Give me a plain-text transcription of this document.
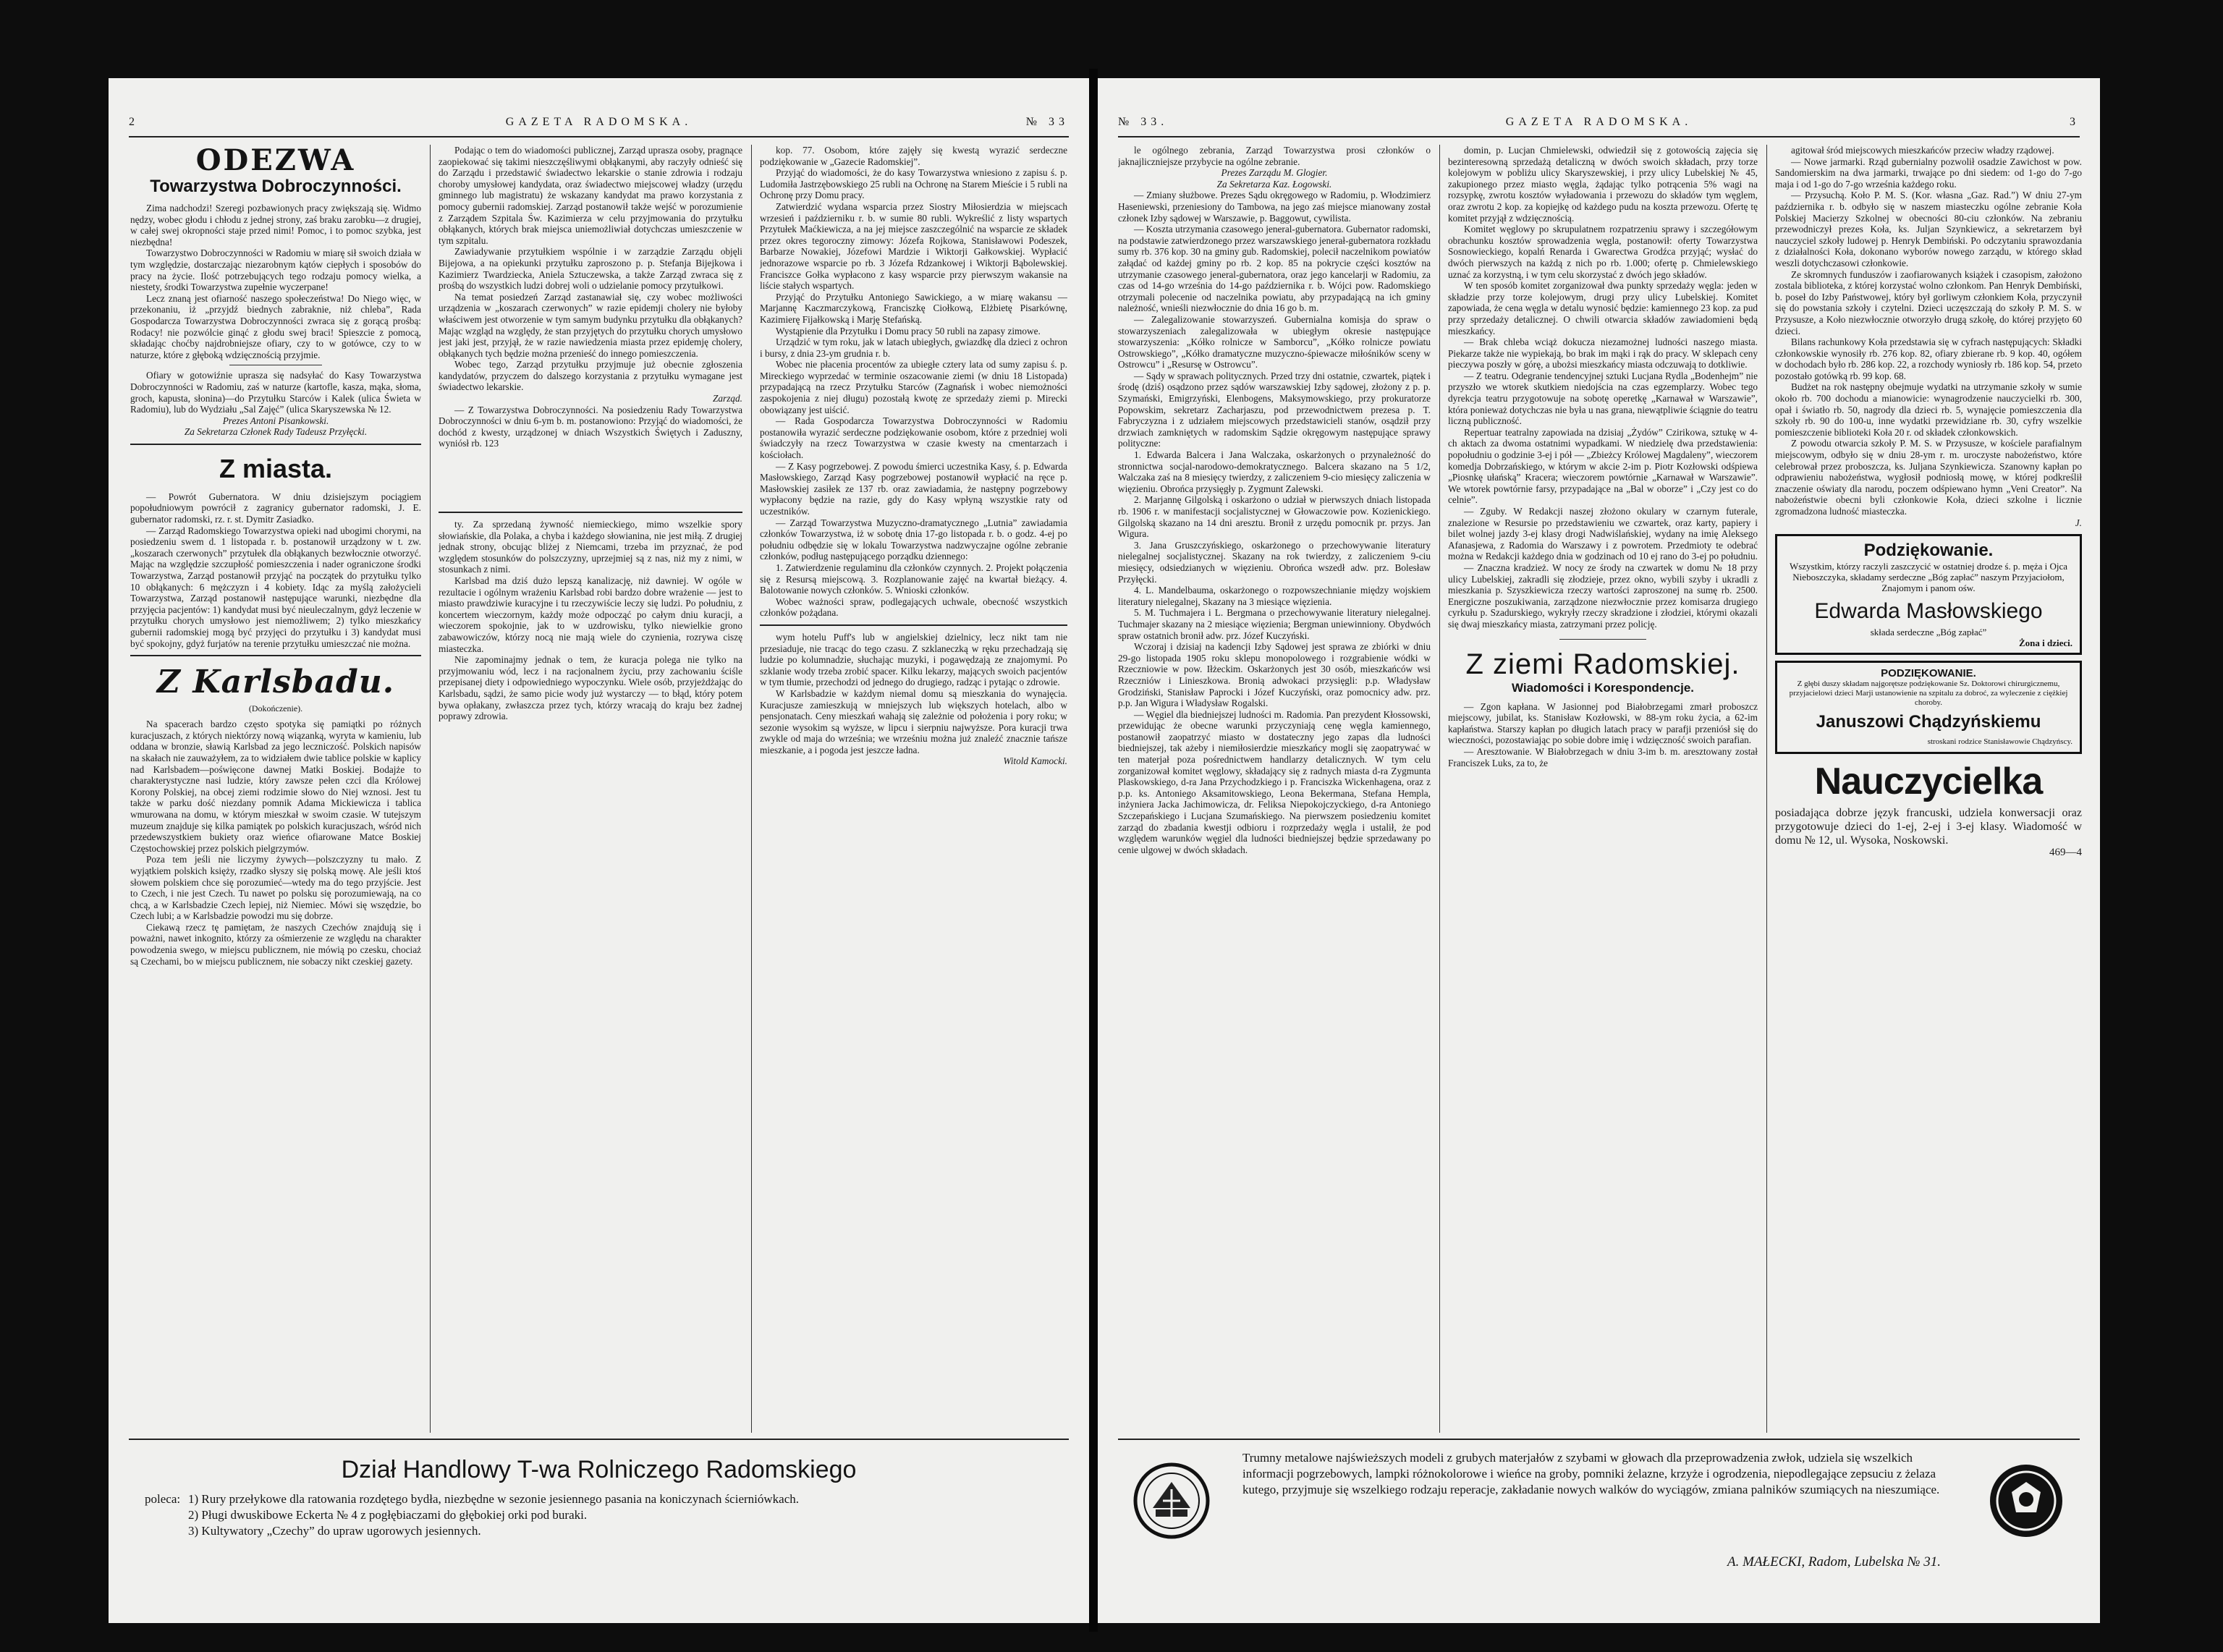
2	GAZETA RADOMSKA.	№ 33
ODEZWA
Towarzystwa Dobroczynności.

Zima nadchodzi! Szeregi pozbawionych pracy zwiększają się. Widmo nędzy, wobec głodu i chłodu z jednej strony, zaś braku zarobku—z drugiej, w całej swej okropności staje przed nimi! Pomoc, i to pomoc szybka, jest niezbędna!

Towarzystwo Dobroczynności w Radomiu w miarę sił swoich działa w tym względzie, dostarczając niezarobnym kątów ciepłych i sposobów do pracy na życie. Ilość potrzebujących tego rodzaju pomocy wielka, a niestety, środki Towarzystwa zupełnie wyczerpane!

Lecz znaną jest ofiarność naszego społeczeństwa! Do Niego więc, w przekonaniu, iż „przyjdź biednych zabraknie, niż chleba”, Rada Gospodarcza Towarzystwa Dobroczynności zwraca się z gorącą prośbą: Rodacy! nie pozwólcie ginąć z głodu swej braci! Spieszcie z pomocą, składając choćby najdrobniejsze ofiary, czy to w gotówce, czy to w naturze, które z głęboką wdzięcznością przyjmie.

Ofiary w gotowiźnie uprasza się nadsyłać do Kasy Towarzystwa Dobroczynności w Radomiu, zaś w naturze (kartofle, kasza, mąka, słoma, groch, kapusta, słonina)—do Przytułku Starców i Kalek (ulica Świeta w Radomiu), lub do Wydziału „Sal Zajęć” (ulica Skaryszewska № 12.

Prezes Antoni Pisankowski.

Za Sekretarza Członek Rady Tadeusz Przyłęcki.

Z miasta.

— Powrót Gubernatora. W dniu dzisiejszym pociągiem popołudniowym powrócił z zagranicy gubernator radomski, J. E. gubernator radomski, rz. r. st. Dymitr Zasiadko.

— Zarząd Radomskiego Towarzystwa opieki nad ubogimi chorymi, na posiedzeniu swem d. 1 listopada r. b. postanowił urządzony w t. zw. „koszarach czerwonych” przytułek dla obłąkanych bezwłocznie otworzyć. Mając na względzie szczupłość pomieszczenia i nader ograniczone środki Towarzystwa, Zarząd postanowił przyjąć na początek do przytułku tylko 10 obłąkanych: 6 mężczyzn i 4 kobiety. Idąc za myślą założycieli Towarzystwa, Zarząd postanowił następujące warunki, niezbędne dla przyjęcia pacjentów: 1) kandydat musi być nieuleczalnym, gdyż leczenie w przytułku chorych umysłowo jest niemożliwem; 2) tylko mieszkańcy gubernii radomskiej mogą być przyjęci do przytułku i 3) kandydat musi być spokojny, gdyż furjatów na terenie przytułku umieszczać nie można.

Z Karlsbadu.
(Dokończenie).

Na spacerach bardzo często spotyka się pamiątki po różnych kuracjuszach, z których niektórzy nową wiązanką, wyryta w kamieniu, lub oddana w bronzie, sławią Karlsbad za jego leczniczość. Polskich napisów na skałach nie zauważyłem, za to widziałem dwie tablice polskie w kaplicy nad Karlsbadem—poświęcone dawnej Matki Boskiej. Bodajże to charakterystyczne nasi ludzie, który zawsze pełen czci dla Królowej Korony Polskiej, na obcej ziemi rodzimie słowo do Niej wznosi. Jest tu także w parku dość niezdany pomnik Adama Mickiewicza i tablica wmurowana na domu, w którym mieszkał w swoim czasie. W tutejszym muzeum znajduje się kilka pamiątek po polskich kuracjuszach, wśród nich przedewszystkiem bukiety oraz wieńce ofiarowane Matce Boskiej Częstochowskiej przez polskich pielgrzymów.

Poza tem jeśli nie liczymy żywych—polszczyzny tu mało. Z wyjątkiem polskich księży, rzadko słyszy się polską mowę. Ale jeśli ktoś słowem polskiem chce się porozumieć—wtedy ma do tego przyjście. Jest to Czech, i nie jest Czech. Tu nawet po polsku się porozumiewają, na co chcą, a w Karlsbadzie Czech lepiej, niż Niemiec. Mówi się wszędzie, bo Czech lubi; a w Karlsbadzie powodzi mu się dobrze.

Ciekawą rzecz tę pamiętam, że naszych Czechów znajdują się i poważni, nawet inkognito, którzy za ośmierzenie ze względu na charakter powodzenia swego, w miejscu publicznem, nie mówią po czesku, chociaż są Czechami, bo w miejscu publicznem, nie sobaczy nikt czeskiej gazety.

Podając o tem do wiadomości publicznej, Zarząd uprasza osoby, pragnące zaopiekować się takimi nieszczęśliwymi obłąkanymi, aby raczyły odnieść się do Zarządu i przedstawić świadectwo lekarskie o stanie zdrowia i rodzaju choroby umysłowej kandydata, oraz świadectwo miejscowej władzy (urzędu gminnego lub magistratu) że wskazany kandydat ma prawo korzystania z pomocy gubernii radomskiej. Zarząd postanowił także wejść w porozumienie z Zarządem Szpitala Św. Kazimierza w celu przyjmowania do przytułku obłąkanych, których brak miejsca uniemożliwiał dotychczas umieszczenie w tym szpitalu.

Zawiadywanie przytułkiem wspólnie i w zarządzie Zarządu objęli Bijejowa, a na opiekunki przytułku zaproszono p. p. Stefanja Bijejkowa i Kazimierz Twardziecka, Aniela Sztuczewska, a także Zarząd zwraca się z prośbą do wszystkich ludzi dobrej woli o udzielanie pomocy przytułkowi.

Na temat posiedzeń Zarząd zastanawiał się, czy wobec możliwości urządzenia w „koszarach czerwonych” w razie epidemji cholery nie byłoby właściwem jest otworzenie w tym samym budynku przytułku dla obłąkanych? Mając wzgląd na względy, że stan przyjętych do przytułku chorych umysłowo jest jaki jest, przyjął, że w razie nawiedzenia miasta przez epidemję cholery, obłąkanych tych będzie można przenieść do innego pomieszczenia.

Wobec tego, Zarząd przytułku przyjmuje już obecnie zgłoszenia kandydatów, przyczem do dalszego korzystania z przytułku wymagane jest świadectwo lekarskie.

Zarząd.

— Z Towarzystwa Dobroczynności. Na posiedzeniu Rady Towarzystwa Dobroczynności w dniu 6-ym b. m. postanowiono: Przyjąć do wiadomości, że dochód z kwesty, urządzonej w dniach Wszystkich Świętych i Zaduszny, wyniósł rb. 123

ty. Za sprzedaną żywność niemieckiego, mimo wszelkie spory słowiańskie, dla Polaka, a chyba i każdego słowianina, nie jest miłą. Z drugiej jednak strony, obcując bliżej z Niemcami, trzeba im przyznać, że pod względem stosunków do polszczyzny, uprzejmiej są z nas, niż my z nimi, w stosunkach z nimi.

Karlsbad ma dziś dużo lepszą kanalizację, niż dawniej. W ogóle w rezultacie i ogólnym wrażeniu Karlsbad robi bardzo dobre wrażenie — jest to miasto prawdziwie kuracyjne i tu rzeczywiście leczy się ludzi. Po południu, z koncertem wieczornym, każdy może odpocząć po całym dniu kuracji, a wieczorem spokojnie, jak to w uzdrowisku, tylko niewielkie grono zabawowiczów, którzy nocą nie mają wiele do czynienia, rozrywa ciszę miasteczka.

Nie zapominajmy jednak o tem, że kuracja polega nie tylko na przyjmowaniu wód, lecz i na racjonalnem życiu, przy zachowaniu ściśle przepisanej diety i odpowiedniego wypoczynku. Wiele osób, przyjeżdżając do Karlsbadu, sądzi, że samo picie wody już wystarczy — to błąd, który potem bywa opłakany, zwłaszcza przez tych, którzy wracają do kraju bez żadnej poprawy zdrowia.

kop. 77. Osobom, które zajęły się kwestą wyrazić serdeczne podziękowanie w „Gazecie Radomskiej”.

Przyjąć do wiadomości, że do kasy Towarzystwa wniesiono z zapisu ś. p. Ludomiła Jastrzębowskiego 25 rubli na Ochronę na Starem Mieście i 5 rubli na Ochronę przy Domu pracy.

Zatwierdzić wydana wsparcia przez Siostry Miłosierdzia w miejscach wrzesień i październiku r. b. w sumie 80 rubli. Wykreślić z listy wspartych Przytułek Maćkiewicza, a na jej miejsce zaszczególnić na wsparcie ze składek przez okres tegoroczny zimowy: Józefa Rojkowa, Stanisławowi Podeszek, Barbarze Nowakiej, Józefowi Mardzie i Wiktorji Gałkowskiej. Wypłacić jednorazowe wsparcie po rb. 3 Józefa Rdzankowej i Wiktorji Bąbolewskiej. Franciszce Gołka wypłacono z kasy wsparcie przy pierwszym wakansie na liście stałych wspartych.

Przyjąć do Przytułku Antoniego Sawickiego, a w miarę wakansu — Marjannę Kaczmarczykową, Franciszkę Ciołkową, Elżbietę Pisarkównę, Kazimierę Fijałkowską i Marję Stefańską.

Wystąpienie dla Przytułku i Domu pracy 50 rubli na zapasy zimowe.

Urządzić w tym roku, jak w latach ubiegłych, gwiazdkę dla dzieci z ochron i bursy, z dnia 23-ym grudnia r. b.

Wobec nie płacenia procentów za ubiegłe cztery lata od sumy zapisu ś. p. Mireckiego wyprzedać w terminie oszacowanie ziemi (w dniu 18 Listopada) przypadającą na rzecz Przytułku Starców (Zagnańsk i wobec niemożności zaspokojenia z niej długu) pozostałą kwotę ze sprzedaży ziemi p. Mirecki obowiązany jest uiścić.

— Rada Gospodarcza Towarzystwa Dobroczynności w Radomiu postanowiła wyrazić serdeczne podziękowanie osobom, które z przedniej woli świadczyły na rzecz Towarzystwa w czasie kwesty na cmentarzach i kościołach.

— Z Kasy pogrzebowej. Z powodu śmierci uczestnika Kasy, ś. p. Edwarda Masłowskiego, Zarząd Kasy pogrzebowej postanowił wypłacić na ręce p. Masłowskiej zasiłek ze 137 rb. oraz zawiadamia, że następny pogrzebowy wypłacony będzie na razie, gdy do Kasy wpłyną wszystkie raty od uczestników.

— Zarząd Towarzystwa Muzyczno-dramatycznego „Lutnia” zawiadamia członków Towarzystwa, iż w sobotę dnia 17-go listopada r. b. o godz. 4-ej po południu odbędzie się w lokalu Towarzystwa nadzwyczajne ogólne zebranie członków, podług następującego porządku dziennego:

1. Zatwierdzenie regulaminu dla członków czynnych. 2. Projekt połączenia się z Resursą miejscową. 3. Rozplanowanie zajęć na kwartał bieżący. 4. Balotowanie nowych członków. 5. Wnioski członków.

Wobec ważności spraw, podlegających uchwale, obecność wszystkich członków pożądana.

wym hotelu Puff's lub w angielskiej dzielnicy, lecz nikt tam nie przesiaduje, nie tracąc do tego czasu. Z szklaneczką w ręku przechadzają się ludzie po kolumnadzie, słuchając muzyki, i pogawędzają ze znajomymi. Po szklanie wody trzeba zrobić spacer. Kilku lekarzy, mających swoich pacjentów w tym tłumie, przechodzi od jednego do drugiego, radząc i pytając o zdrowie.

W Karlsbadzie w każdym niemal domu są mieszkania do wynajęcia. Kuracjusze zamieszkują w mniejszych lub większych hotelach, albo w pensjonatach. Ceny mieszkań wahają się zależnie od położenia i pory roku; w sezonie wysokim są wyższe, w lipcu i sierpniu najwyższe. Pora kuracji trwa zwykle od maja do września; we wrześniu można już znaleźć znacznie tańsze mieszkanie, a i pogoda jest jeszcze ładna.

Witold Kamocki.

Dział Handlowy T-wa Rolniczego Radomskiego
poleca: 1) Rury przełykowe dla ratowania rozdętego bydła, niezbędne w sezonie jesiennego pasania na koniczynach ścierniówkach.
2) Pługi dwuskibowe Eckerta № 4 z pogłębiaczami do głębokiej orki pod buraki.
3) Kultywatory „Czechy” do upraw ugorowych jesiennych.
№ 33.	GAZETA RADOMSKA.	3

le ogólnego zebrania, Zarząd Towarzystwa prosi członków o jaknajliczniejsze przybycie na ogólne zebranie.

Prezes Zarządu M. Glogier.

Za Sekretarza Kaz. Łogowski.

— Zmiany służbowe. Prezes Sądu okręgowego w Radomiu, p. Włodzimierz Haseniewski, przeniesiony do Tambowa, na jego zaś miejsce mianowany został członek Izby sądowej w Warszawie, p. Baggowut, cywilista.

— Koszta utrzymania czasowego jeneral-gubernatora. Gubernator radomski, na podstawie zatwierdzonego przez warszawskiego jenerał-gubernatora rozkładu sumy rb. 376 kop. 30 na gminy gub. Radomskiej, polecił naczelnikom powiatów załądać od każdej gminy po rb. 2 kop. 85 na pokrycie części kosztów na utrzymanie czasowego jeneral-gubernatora, oraz jego kancelarji w Radomiu, za czas od 14-go września do 14-go października r. b. Wójci pow. Radomskiego otrzymali polecenie od naczelnika powiatu, aby przypadającą na ich gminy należność, wnieśli niezwłocznie do dnia 16 go b. m.

— Zalegalizowanie stowarzyszeń. Gubernialna komisja do spraw o stowarzyszeniach zalegalizowała w ubiegłym okresie następujące stowarzyszenia: „Kółko rolnicze w Samborcu”, „Kółko rolnicze powiatu Ostrowskiego”, „Kółko dramatyczne muzyczno-śpiewacze miłośników sceny w Ostrowcu” i „Resursę w Ostrowcu”.

— Sądy w sprawach politycznych. Przed trzy dni ostatnie, czwartek, piątek i środę (dziś) osądzono przez sądów warszawskiej Izby sądowej, złożony z p. p. Szymański, Emigrzyński, Elenbogens, Maksymowskiego, przy prokuratorze Popowskim, sekretarz Zacharjaszu, pod przewodnictwem prezesa p. T. Fabryczyzna i z udziałem miejscowych przedstawicieli stanów, osądził przy drzwiach zamkniętych w radomskim Sądzie okręgowym następujące sprawy polityczne:

1. Edwarda Balcera i Jana Walczaka, oskarżonych o przynależność do stronnictwa socjal-narodowo-demokratycznego. Balcera skazano na 5 1/2, Walczaka zaś na 8 miesięcy twierdzy, z zaliczeniem 9-cio miesięcy zaliczenia w więzieniu. Obrońca przysięgły p. Zygmunt Zalewski.

2. Marjannę Gilgolską i oskarżono o udział w pierwszych dniach listopada rb. 1906 r. w manifestacji socjalistycznej w Głowaczowie pow. Kozienickiego. Gilgolską skazano na 14 dni aresztu. Bronił z urzędu pomocnik pr. przys. Jan Wigura.

3. Jana Gruszczyńskiego, oskarżonego o przechowywanie literatury nielegalnej socjalistycznej. Skazany na rok twierdzy, z zaliczeniem 9-ciu miesięcy, odsiedzianych w więzieniu. Obrońca wszedł adw. prz. Bolesław Przyłęcki.

4. L. Mandelbauma, oskarżonego o rozpowszechnianie między wojskiem literatury nielegalnej, Skazany na 3 miesiące więzienia.

5. M. Tuchmajera i L. Bergmana o przechowywanie literatury nielegalnej. Tuchmajer skazany na 2 miesiące więzienia; Bergman uniewinniony. Obydwóch spraw ostatnich bronił adw. prz. Józef Kuczyński.

Wczoraj i dzisiaj na kadencji Izby Sądowej jest sprawa ze zbiórki w dniu 29-go listopada 1905 roku sklepu monopolowego i rozgrabienie wódki w Rzeczniowie w pow. Iłżeckim. Oskarżonych jest 30 osób, mieszkańców wsi Rzeczniów i Linieszkowa. Bronią adwokaci przysięgli: p.p. Władysław Grodziński, Stanisław Paprocki i Józef Kuczyński, oraz pomocnicy adw. prz. p.p. Jan Wigura i Władysław Rogalski.

— Węgiel dla biedniejszej ludności m. Radomia. Pan prezydent Kłossowski, przewidując że obecne warunki przyczyniają cenę węgla kamiennego, postanowił zaopatrzyć miasto w dostateczny jego zapas dla ludności biedniejszej, tak ażeby i niemiłosierdzie mieszkańcy mogli się zaopatrywać w ten materjał poza pośrednictwem handlarzy detalicznych. W tym celu zorganizował komitet węglowy, składający się z radnych miasta d-ra Zygmunta Plaskowskiego, d-ra Jana Przychodzkiego i p. Franciszka Wickenhagena, oraz z p.p. ks. Antoniego Aksamitowskiego, Leona Bekermana, Stefana Hempla, inżyniera Jacka Jachimowicza, dr. Feliksa Niepokojczyckiego, d-ra Antoniego Szczepańskiego i Lucjana Szumańskiego. Na pierwszem posiedzeniu komitet zarząd do zbadania kwestji odbioru i rozprzedaży węgla i ustalił, że pod względem warunków węgiel dla ludności biedniejszej będzie sprzedawany po cenie ulgowej w dwóch składach.

domin, p. Lucjan Chmielewski, odwiedził się z gotowością zajęcia się bezinteresowną sprzedażą detaliczną w dwóch swoich składach, przy torze kolejowym w pobliżu ulicy Skaryszewskiej, i przy ulicy Lubelskiej № 45, zakupionego przez miasto węgla, żądając tylko potrącenia 5% wagi na rozsypkę, zwrotu kosztów wyładowania i przewozu do składów tym węglem, oraz zwrotu 2 kop. za kopiejkę od każdego pudu na koszta przewozu. Ofertę tę komitet przyjął z wdzięcznością.

Komitet węglowy po skrupulatnem rozpatrzeniu sprawy i szczegółowym obrachunku kosztów sprowadzenia węgla, postanowił: oferty Towarzystwa Sosnowieckiego, kopalń Renarda i Gwarectwa Grodźca przyjąć; wysłać do dwóch pierwszych na każdą z nich po rb. 1.000; ofertę p. Chmielewskiego uznać za korzystną, i w tym celu skorzystać z dwóch jego składów.

W ten sposób komitet zorganizował dwa punkty sprzedaży węgla: jeden w składzie przy torze kolejowym, drugi przy ulicy Lubelskiej. Komitet zapowiada, że cena węgla w detalu wynosić będzie: kamiennego 23 kop. za pud przy sprzedaży detalicznej. O chwili otwarcia składów zawiadomieni będą mieszkańcy.

— Brak chleba wciąż dokucza niezamożnej ludności naszego miasta. Piekarze także nie wypiekają, bo brak im mąki i rąk do pracy. W sklepach ceny pieczywa poszły w górę, a ubożsi mieszkańcy miasta odczuwają to dotkliwie.

— Z teatru. Odegranie tendencyjnej sztuki Lucjana Rydla „Bodenhejm” nie przyszło we wtorek skutkiem niedojścia na czas egzemplarzy. Wobec tego dyrekcja teatru przygotowuje na sobotę operetkę „Karnawał w Warszawie”, która ponieważ dotychczas nie była u nas grana, niewątpliwie ściągnie do teatru liczną publiczność.

Repertuar teatralny zapowiada na dzisiaj „Żydów” Czirikowa, sztukę w 4-ch aktach za dwoma ostatnimi wypadkami. W niedzielę dwa przedstawienia: popołudniu o godzinie 3-ej i pół — „Zbieżcy Królowej Magdaleny”, wieczorem komedja Dobrzańskiego, w którym w akcie 2-im p. Piotr Kozłowski odśpiewa „Piosnkę ułańską” Kracera; wieczorem powtórnie „Karnawał w Warszawie”. We wtorek powtórnie farsy, przypadające na „Bal w oborze” i „Czy jest co do celnie”.

— Zguby. W Redakcji naszej złożono okulary w czarnym futerale, znalezione w Resursie po przedstawieniu we czwartek, oraz karty, papiery i bilet wolnej jazdy 3-ej klasy drogi Nadwiślańskiej, wydany na imię Aleksego Afanasjewa, z Radomia do Warszawy i z powrotem. Przedmioty te odebrać można w Redakcji każdego dnia w godzinach od 10 ej rano do 3-ej po południu.

— Znaczna kradzież. W nocy ze środy na czwartek w domu № 18 przy ulicy Lubelskiej, zakradli się złodzieje, przez okno, wybili szyby i ukradli z mieszkania p. Szyszkiewicza rzeczy wartości zaproszonej na sumę rb. 2500. Energiczne poszukiwania, zarządzone niezwłocznie przez komisarza drugiego cyrkułu p. Szadurskiego, wykryły rzeczy skradzione i złodziei, którymi okazali się dwaj mieszkańcy miasta, zatrzymani przez policję.

Z ziemi Radomskiej.
Wiadomości i Korespondencje.

— Zgon kapłana. W Jasionnej pod Białobrzegami zmarł proboszcz miejscowy, jubilat, ks. Stanisław Kozłowski, w 88-ym roku życia, a 62-im kapłaństwa. Starszy kapłan po długich latach pracy w parafji przeniósł się do wieczności, pozostawiając po sobie dobre imię i wdzięczność swoich parafian.

— Aresztowanie. W Białobrzegach w dniu 3-im b. m. aresztowany został Franciszek Luks, za to, że

agitował śród miejscowych mieszkańców przeciw władzy rządowej.

— Nowe jarmarki. Rząd gubernialny pozwolił osadzie Zawichost w pow. Sandomierskim na dwa jarmarki, trwające po dni siedem: od 1-go do 7-go maja i od 1-go do 7-go września każdego roku.

— Przysuchą. Koło P. M. S. (Kor. własna „Gaz. Rad.”) W dniu 27-ym października r. b. odbyło się w naszem miasteczku ogólne zebranie Koła Polskiej Macierzy Szkolnej w obecności 80-ciu członków. Na zebraniu przewodniczył prezes Koła, ks. Juljan Szynkiewicz, a sekretarzem był nauczyciel szkoły ludowej p. Henryk Dembiński. Po odczytaniu sprawozdania z działalności Koła, dokonano wyborów nowego zarządu, w którego skład weszli dotychczasowi członkowie.

Ze skromnych funduszów i zaofiarowanych książek i czasopism, założono zostala biblioteka, z której korzystać wolno członkom. Pan Henryk Dembiński, b. poseł do Izby Państwowej, który był gorliwym członkiem Koła, przyczynił się do powstania szkoły i czytelni. Dzieci uczęszczają do szkoły P. M. S. w Przysusze, a Koło niezwłocznie otworzyło drugą szkołę, do której przyjęto 60 dzieci.

Bilans rachunkowy Koła przedstawia się w cyfrach następujących: Składki członkowskie wynosiły rb. 276 kop. 82, ofiary zbierane rb. 9 kop. 40, ogółem w dochodach było rb. 286 kop. 22, a rozchody wyniosły rb. 186 kop. 54, przeto pozostało gotówką rb. 99 kop. 68.

Budżet na rok następny obejmuje wydatki na utrzymanie szkoły w sumie około rb. 700 dochodu a mianowicie: wynagrodzenie nauczycielki rb. 300, opał i światło rb. 50, nagrody dla dzieci rb. 5, wynajęcie pomieszczenia dla szkoły rb. 90 do 100-u, inne wydatki przewidziane rb. 30, cyfry wszelkie pomieszczenie biblioteki Koła 20 r. od składek członkowskich.

Z powodu otwarcia szkoły P. M. S. w Przysusze, w kościele parafialnym miejscowym, odbyło się w dniu 28-ym r. m. uroczyste nabożeństwo, które celebrował przez proboszcza, ks. Juljana Szynkiewicza. Szanowny kapłan po odprawieniu nabożeństwa, wygłosił podniosłą mowę, w której podkreślił znaczenie oświaty dla narodu, poczem odśpiewano hymn „Veni Creator”. Na nabożeństwie obecni byli członkowie Koła, dzieci szkolne i licznie zgromadzona ludność miasteczka.

J.

Podziękowanie.
Wszystkim, którzy raczyli zaszczycić w ostatniej drodze ś. p. męża i Ojca Nieboszczyka, składamy serdeczne „Bóg zapłać” naszym Przyjaciołom, Znajomym i panom ośw.
Edwarda Masłowskiego
składa serdeczne „Bóg zapłać”
Żona i dzieci.
PODZIĘKOWANIE.
Z głębi duszy składam najgorętsze podziękowanie Sz. Doktorowi chirurgicznemu, przyjacielowi dzieci Marji ustanowienie na szpitalu za dobroć, za wyleczenie z ciężkiej choroby.
Januszowi Chądzyńskiemu
stroskani rodzice Stanisławowie Chądzyńscy.
Nauczycielka

posiadająca dobrze język francuski, udziela konwersacji oraz przygotowuje dzieci do 1-ej, 2-ej i 3-ej klasy. Wiadomość w domu № 12, ul. Wysoka, Noskowski.

469—4

Trumny metalowe najświeższych modeli z grubych materjałów z szybami w głowach dla przeprowadzenia zwłok, udziela się wszelkich informacji pogrzebowych, lampki różnokolorowe i wieńce na groby, pomniki żelazne, krzyże i ogrodzenia, niepodlegające zepsuciu z żelaza kutego, przyjmuje się wszelkiego rodzaju reperacje, zakładanie nowych walków do wyciągów, zmiana palników szumiących na nieszumiące.
A. MAŁECKI, Radom, Lubelska № 31.
